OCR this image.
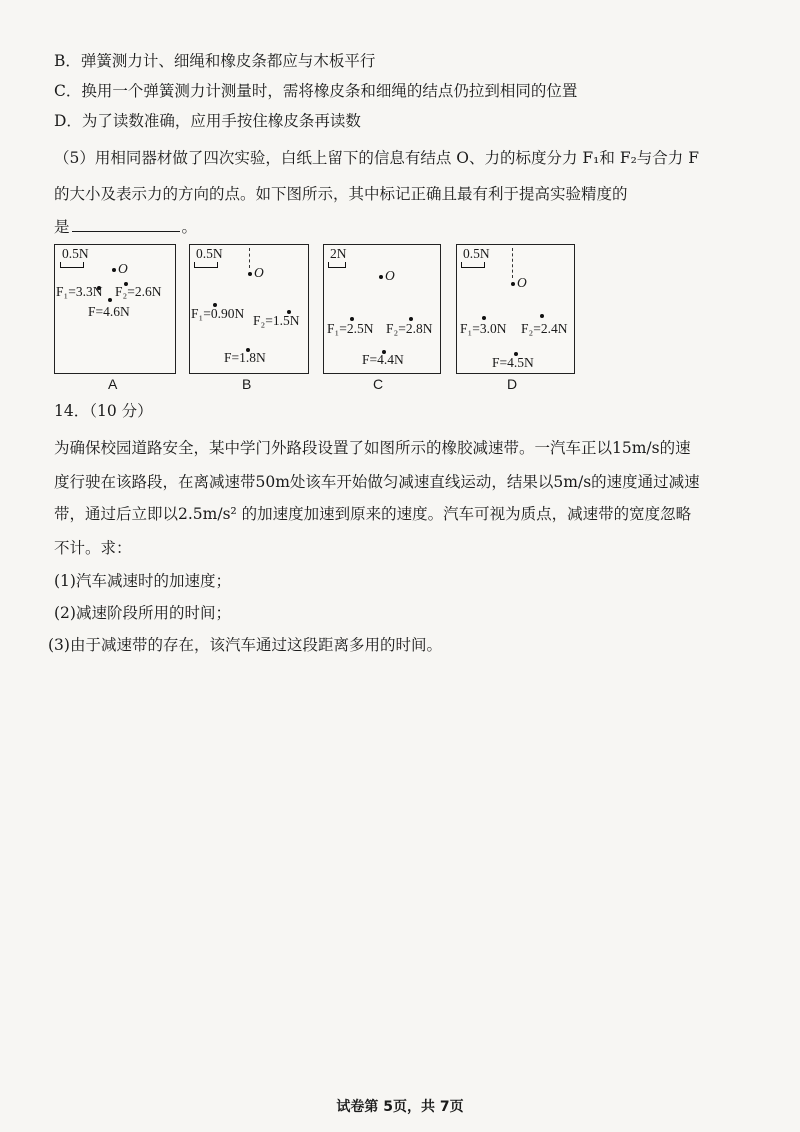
B．弹簧测力计、细绳和橡皮条都应与木板平行
C．换用一个弹簧测力计测量时，需将橡皮条和细绳的结点仍拉到相同的位置
D．为了读数准确，应用手按住橡皮条再读数
（5）用相同器材做了四次实验，白纸上留下的信息有结点 O、力的标度分力 F₁和 F₂与合力 F
的大小及表示力的方向的点。如下图所示，其中标记正确且最有利于提高实验精度的
是	。
0.5N
O
F₁=3.3N F₂=2.6N
F=4.6N
A
0.5N
O
F₁=0.90N F₂=1.5N
F=1.8N
B
2N
O
F₁=2.5N F₂=2.8N
F=4.4N
C
0.5N
O
F₁=3.0N F₂=2.4N
F=4.5N
D
14．（10 分）
为确保校园道路安全，某中学门外路段设置了如图所示的橡胶减速带。一汽车正以15m/s的速
度行驶在该路段，在离减速带50m处该车开始做匀减速直线运动，结果以5m/s的速度通过减速
带，通过后立即以2.5m/s² 的加速度加速到原来的速度。汽车可视为质点，减速带的宽度忽略
不计。求：
(1)汽车减速时的加速度；
(2)减速阶段所用的时间；
(3)由于减速带的存在，该汽车通过这段距离多用的时间。
试卷第 5页，共 7页
